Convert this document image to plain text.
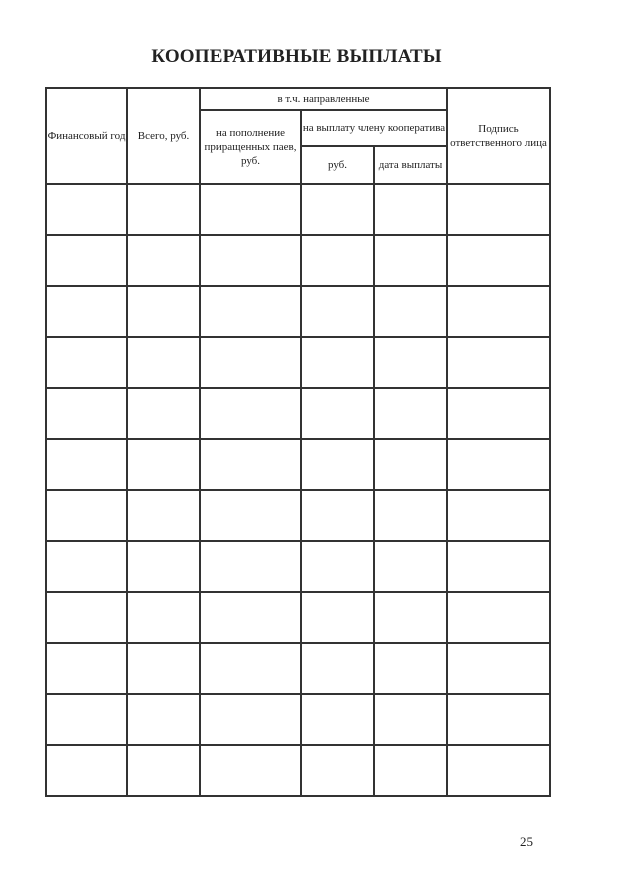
КООПЕРАТИВНЫЕ ВЫПЛАТЫ
Финансовый год	Всего, руб.	в т.ч. направленные			Подпись ответственного лица
		на пополнение приращенных паев, руб.	на выплату члену кооператива		
			руб.	дата выплаты	

25
